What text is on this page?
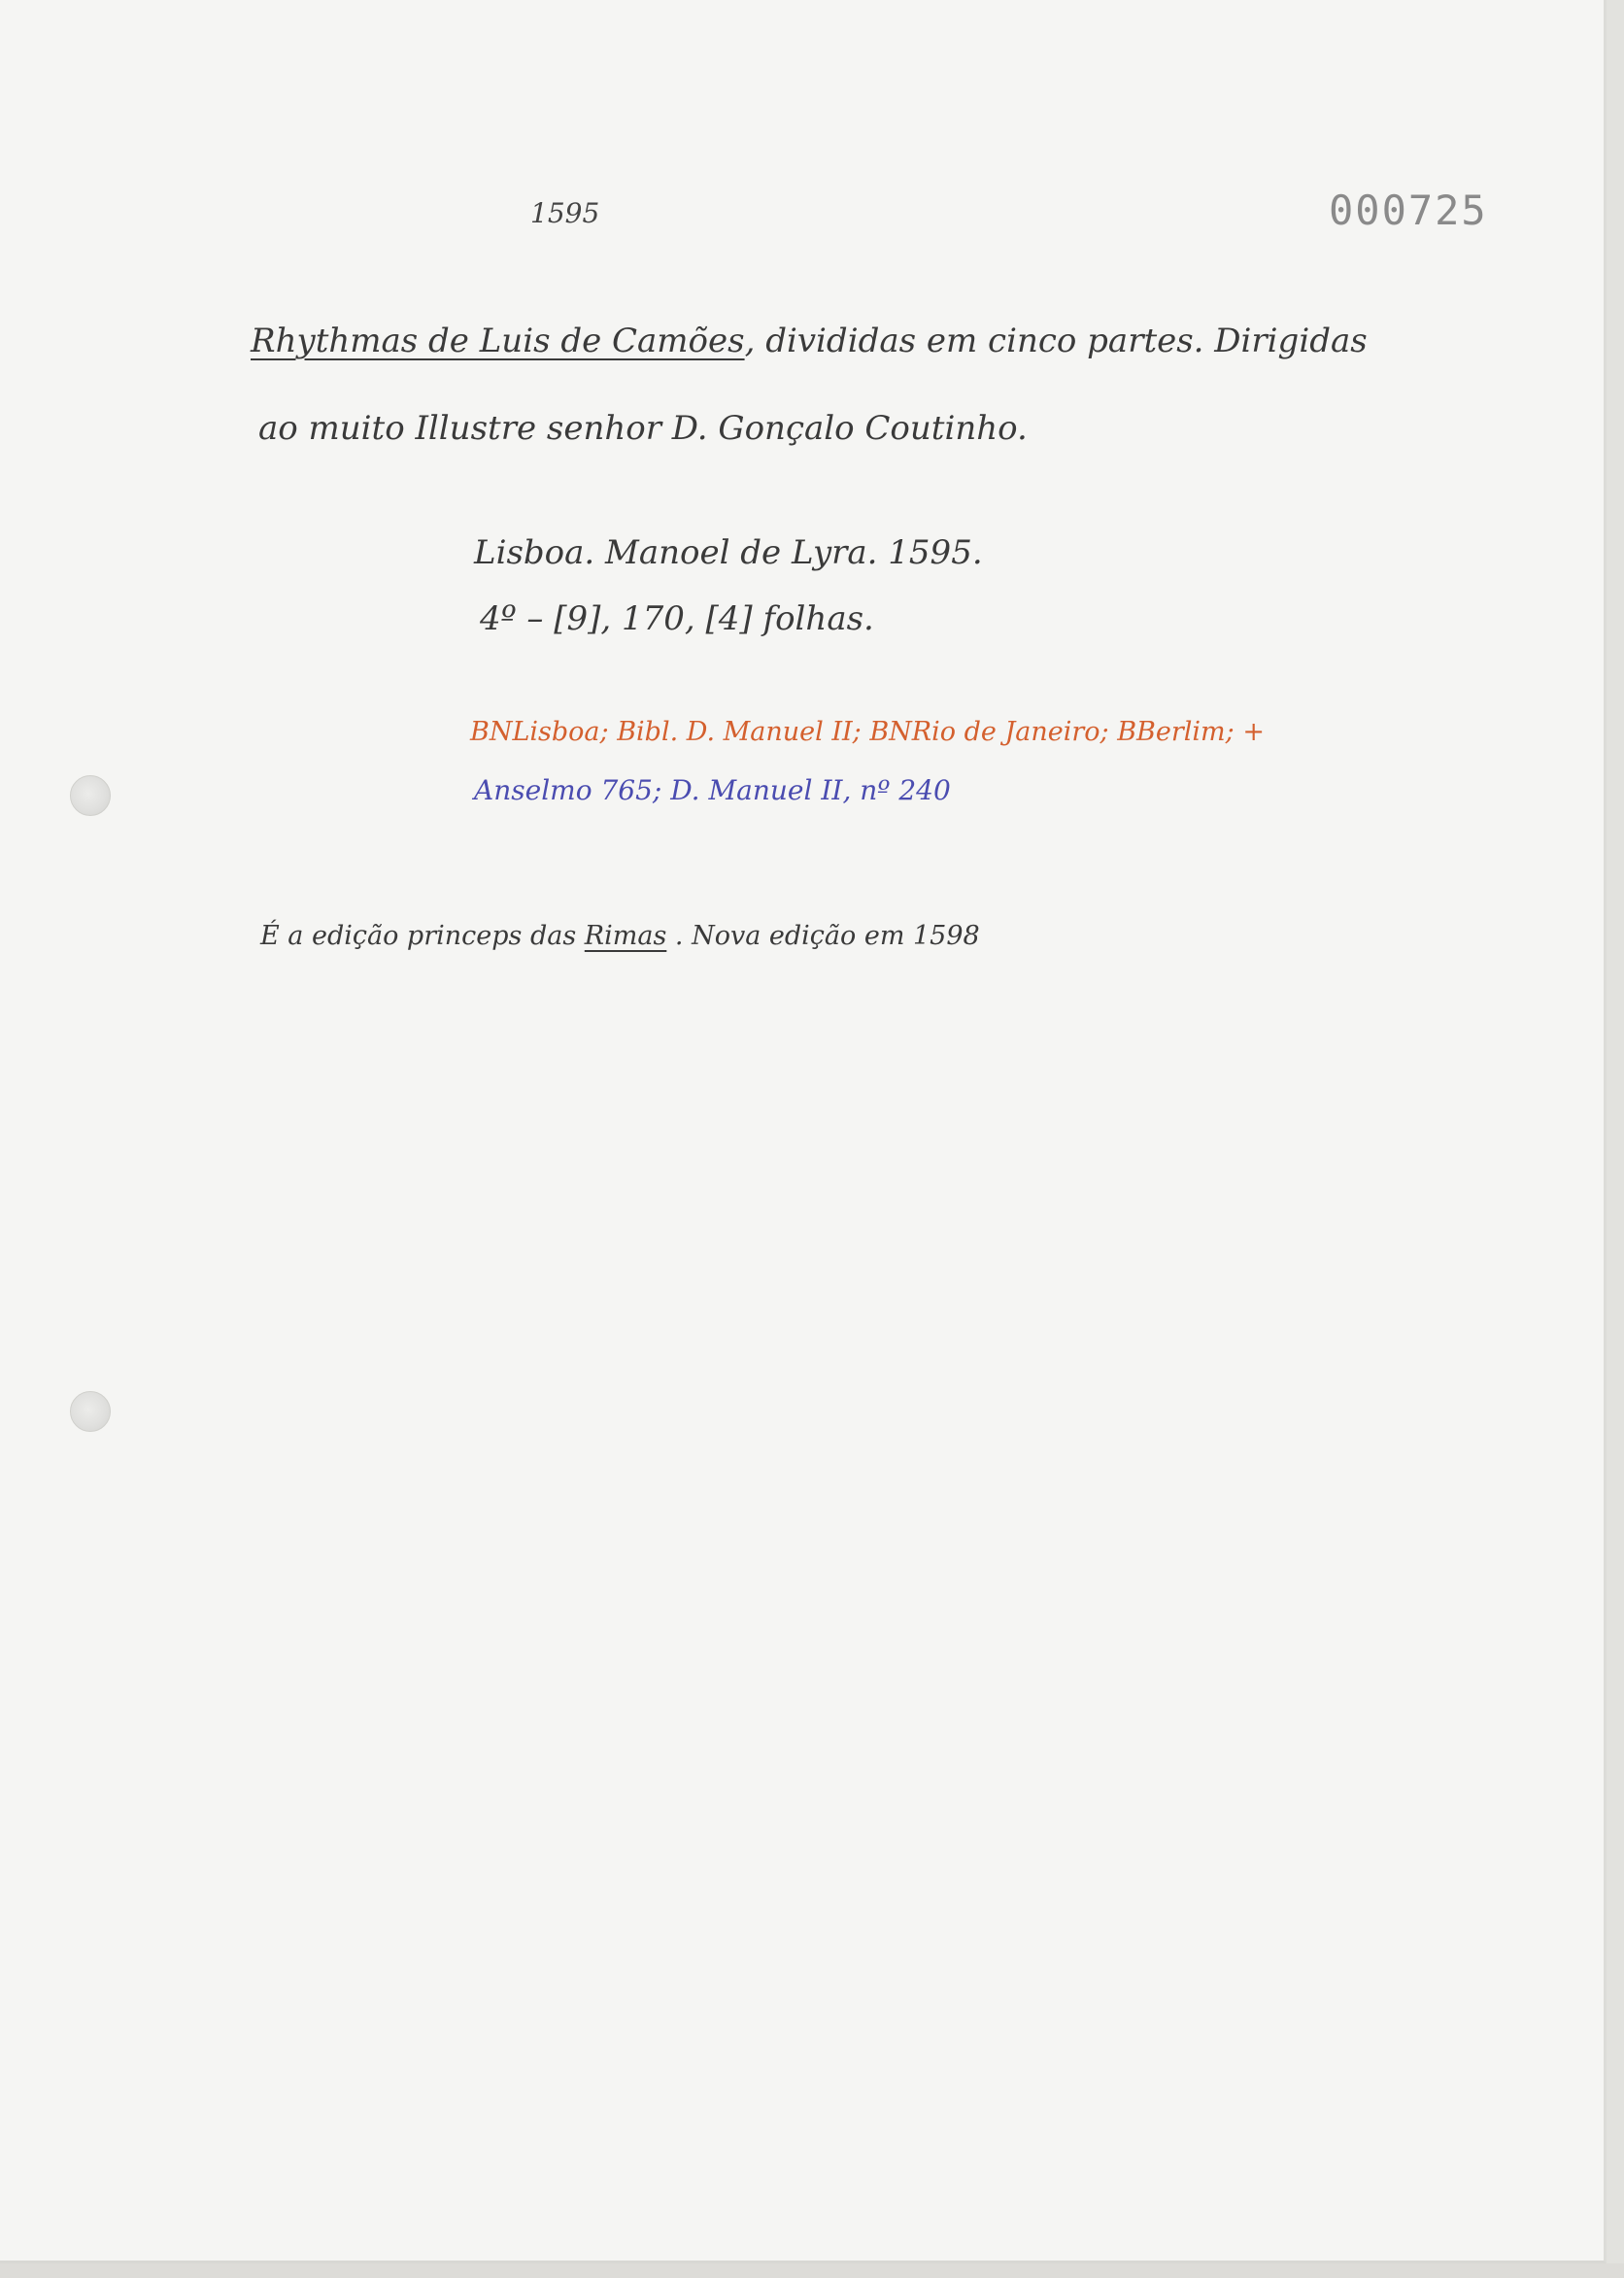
1595	000725
Rhythmas de Luis de Camões, divididas em cinco partes. Dirigidas
ao muito Illustre senhor D. Gonçalo Coutinho.
Lisboa. Manoel de Lyra. 1595.
4º – [9], 170, [4] folhas.
BNLisboa; Bibl. D. Manuel II; BNRio de Janeiro; BBerlim; +
Anselmo 765; D. Manuel II, nº 240
É a edição princeps das Rimas . Nova edição em 1598
